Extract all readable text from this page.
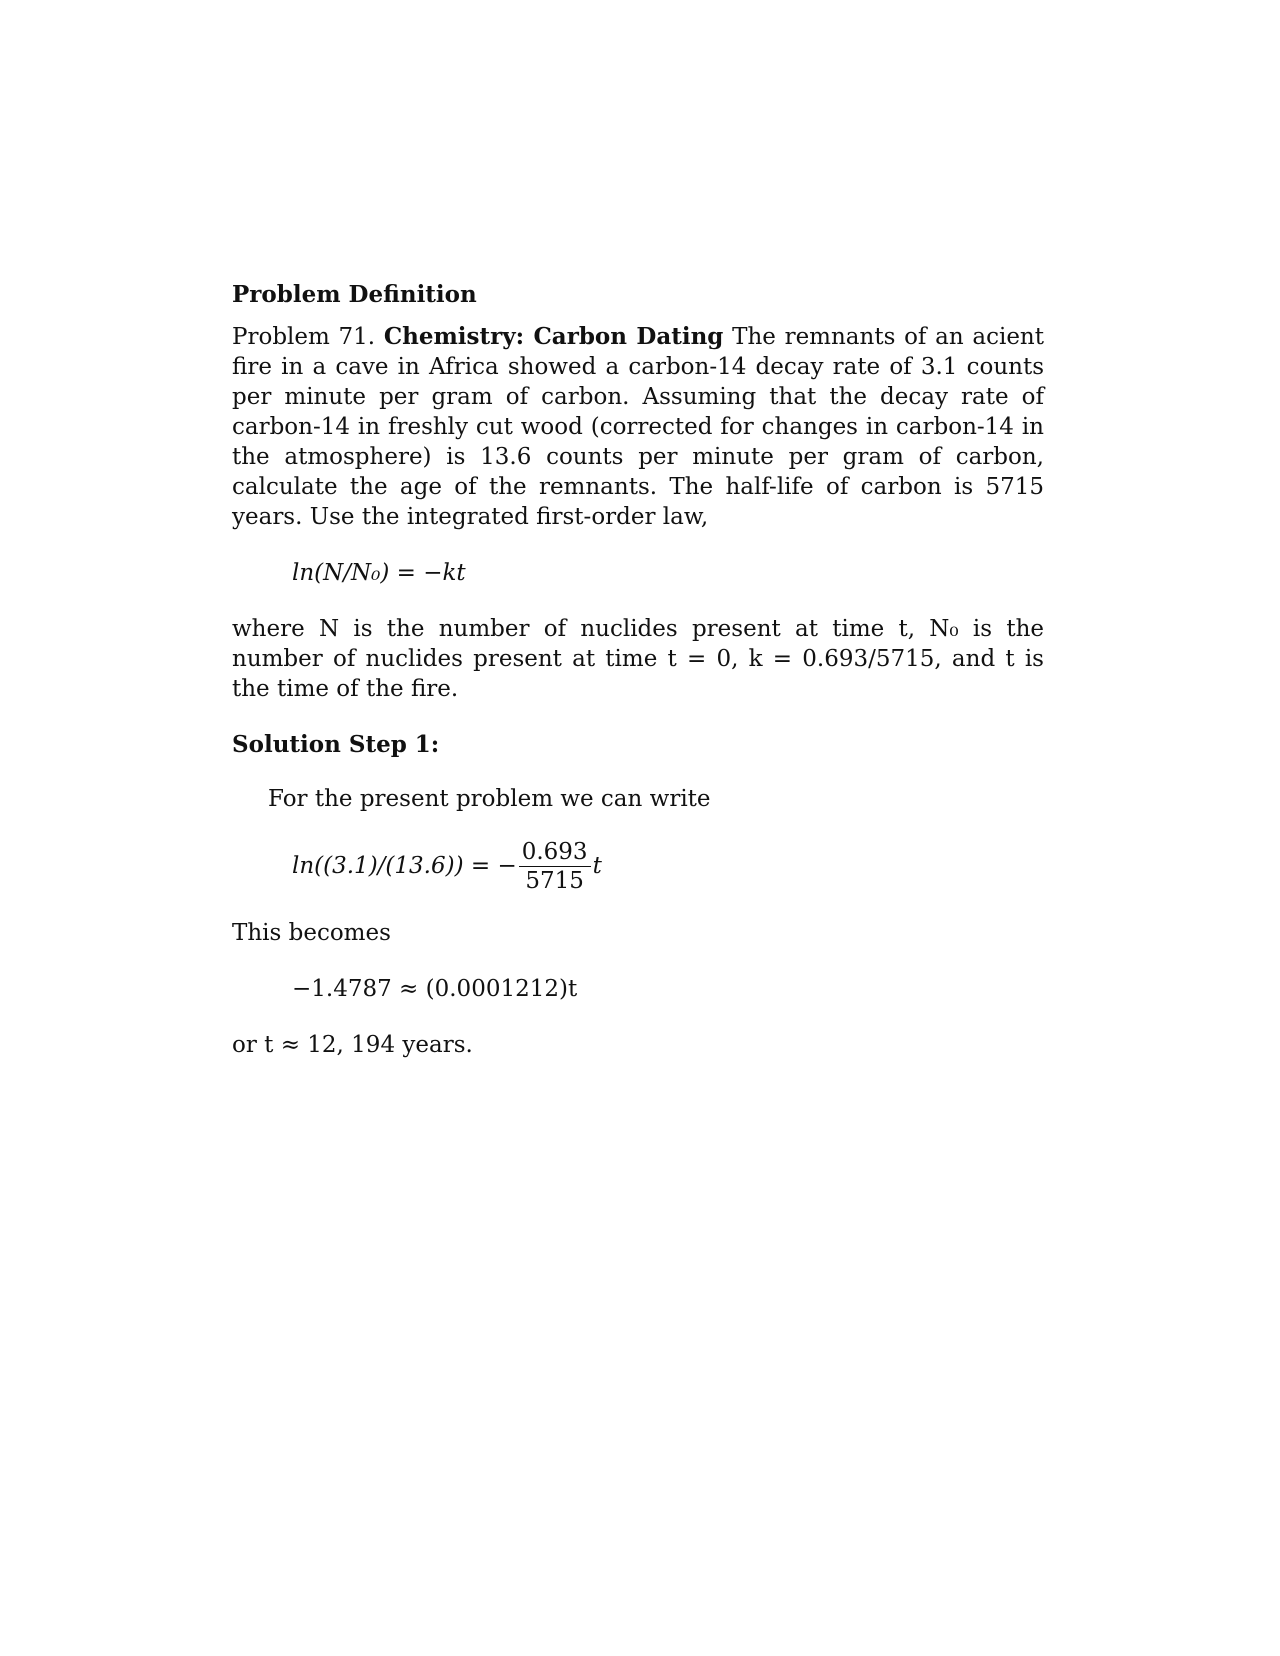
Problem Definition

Problem 71. Chemistry: Carbon Dating The remnants of an acient fire in a cave in Africa showed a carbon-14 decay rate of 3.1 counts per minute per gram of carbon. Assuming that the decay rate of carbon-14 in freshly cut wood (corrected for changes in carbon-14 in the atmosphere) is 13.6 counts per minute per gram of carbon, calculate the age of the remnants. The half-life of carbon is 5715 years. Use the integrated first-order law,

ln(N/N₀) = −kt

where N is the number of nuclides present at time t, N₀ is the number of nuclides present at time t = 0, k = 0.693/5715, and t is the time of the fire.

Solution Step 1:

For the present problem we can write

ln((3.1)/(13.6)) = − $\frac{0.693}{5715}$ t

This becomes

−1.4787 ≈ (0.0001212)t

or t ≈ 12, 194 years.
